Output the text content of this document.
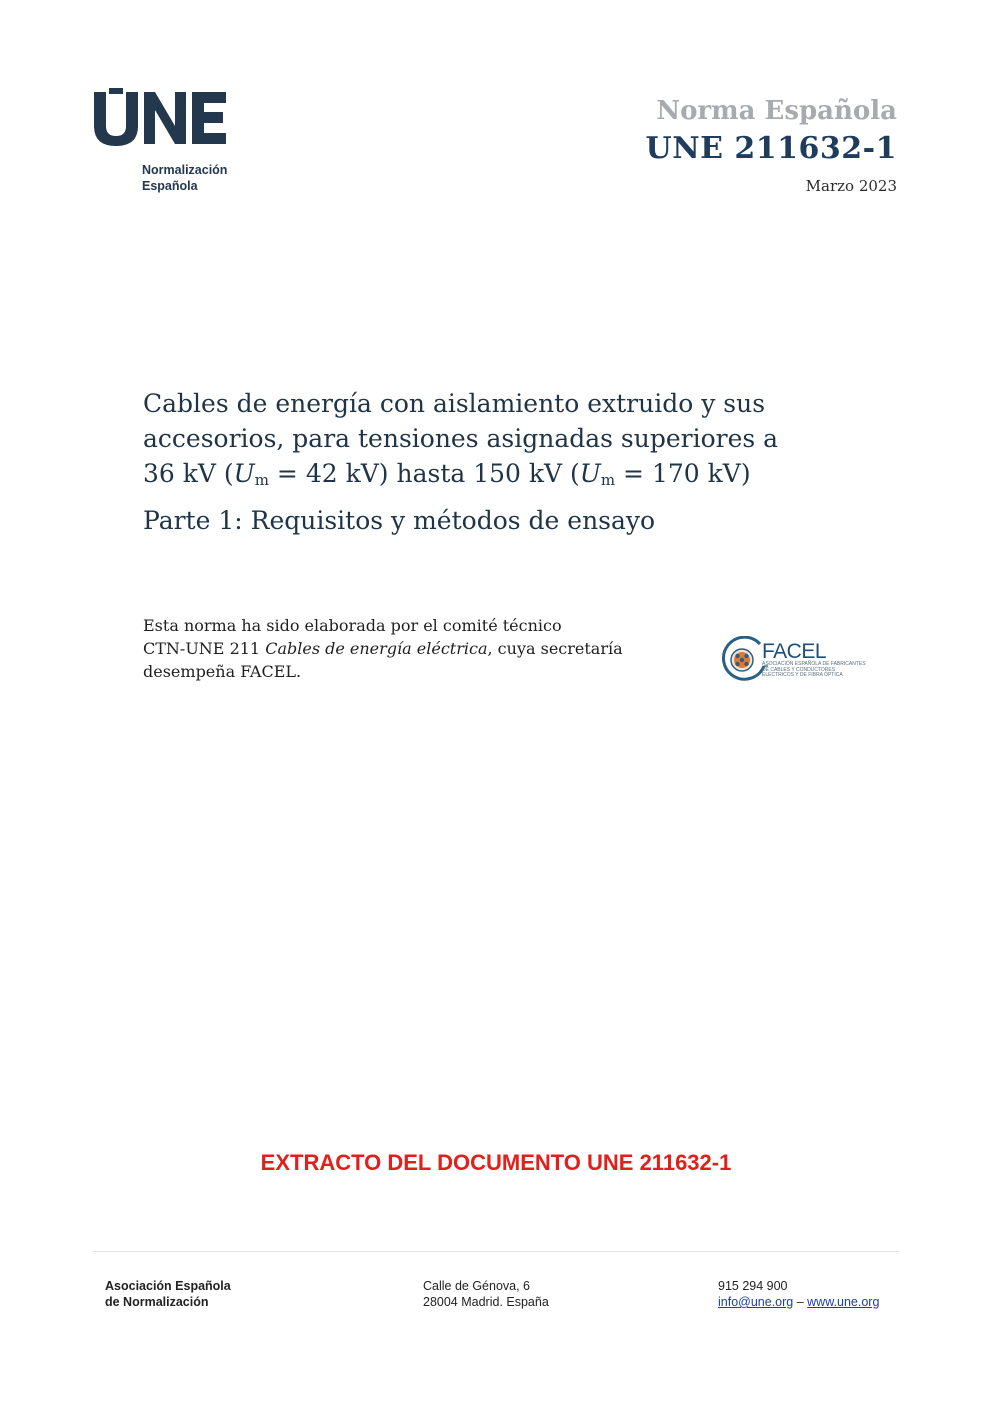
Normalización
Española
Norma Española
UNE 211632-1
Marzo 2023
Cables de energía con aislamiento extruido y sus
accesorios, para tensiones asignadas superiores a
36 kV ($U_m = 42$ kV) hasta 150 kV ($U_m = 170$ kV)
Parte 1: Requisitos y métodos de ensayo
Esta norma ha sido elaborada por el comité técnico
CTN-UNE 211 Cables de energía eléctrica, cuya secretaría
desempeña FACEL.
FACEL
ASOCIACIÓN ESPAÑOLA DE FABRICANTES DE CABLES Y CONDUCTORES ELÉCTRICOS Y DE FIBRA ÓPTICA
EXTRACTO DEL DOCUMENTO UNE 211632-1
Asociación Española
de Normalización
Calle de Génova, 6
28004 Madrid. España
915 294 900
info@une.org – www.une.org
